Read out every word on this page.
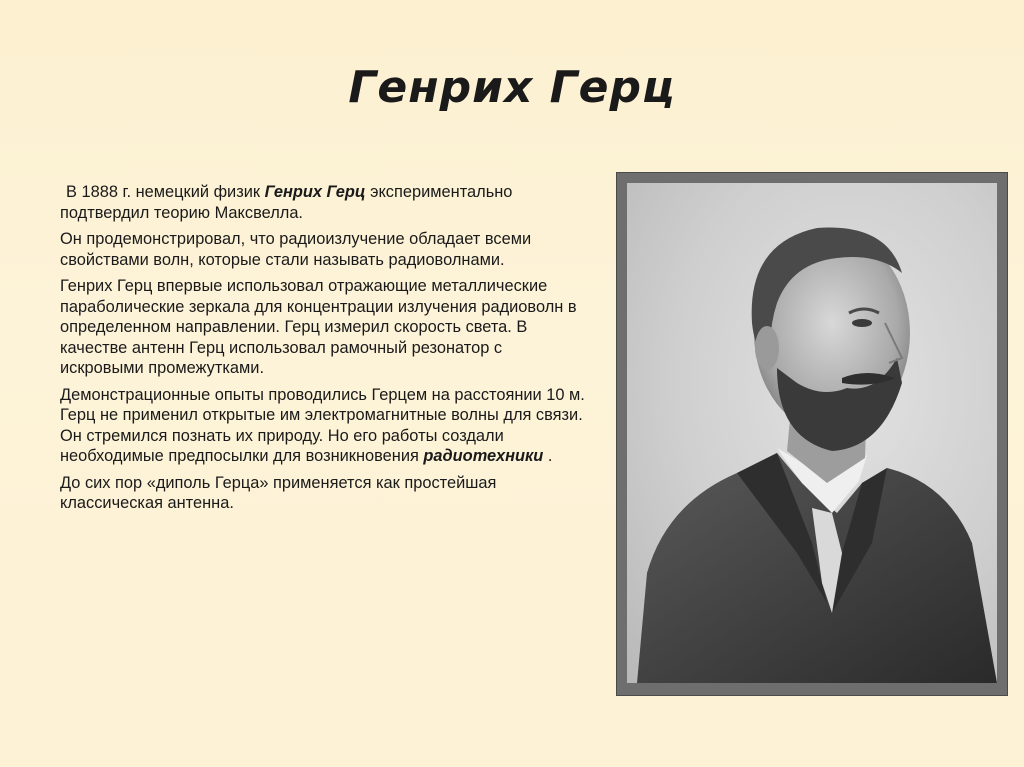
Генрих Герц

В 1888 г. немецкий физик Генрих Герц экспериментально подтвердил теорию Максвелла.

Он продемонстрировал, что радиоизлучение обладает всеми свойствами волн, которые стали называть радиоволнами.

Генрих Герц впервые использовал отражающие металлические параболические зеркала для концентрации излучения радиоволн в определенном направлении. Герц измерил скорость света. В качестве антенн Герц использовал рамочный резонатор с искровыми промежутками.

Демонстрационные опыты проводились Герцем на расстоянии 10 м. Герц не применил открытые им электромагнитные волны для связи. Он стремился познать их природу. Но его работы создали необходимые предпосылки для возникновения радиотехники .

До сих пор «диполь Герца» применяется как простейшая классическая антенна.
